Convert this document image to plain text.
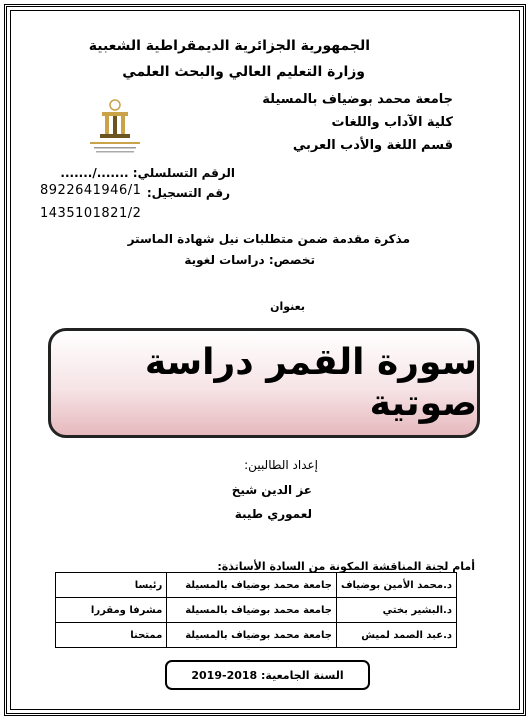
الجمهورية الجزائرية الديمقراطية الشعبية
وزارة التعليم العالي والبحث العلمي
جامعة محمد بوضياف بالمسيلة
كلية الآداب واللغات
قسم اللغة والأدب العربي
الرقم التسلسلي: ......./.......
رقم التسجيل:
8922641946/1
1435101821/2
مذكرة مقدمة ضمن متطلبات نيل شهادة الماستر
تخصص: دراسات لغوية
بعنوان
سورة القمر دراسة صوتية
إعداد الطالبين:
عز الدين شيخ
لعموري طيبة
أمام لجنة المناقشة المكونة من السادة الأساتذة:
د.محمد الأمين بوضياف	جامعة محمد بوضياف بالمسيلة	رئيسا
د.البشير بختي	جامعة محمد بوضياف بالمسيلة	مشرفا ومقررا
د.عبد الصمد لميش	جامعة محمد بوضياف بالمسيلة	ممتحنا
السنة الجامعية: 2018-2019
